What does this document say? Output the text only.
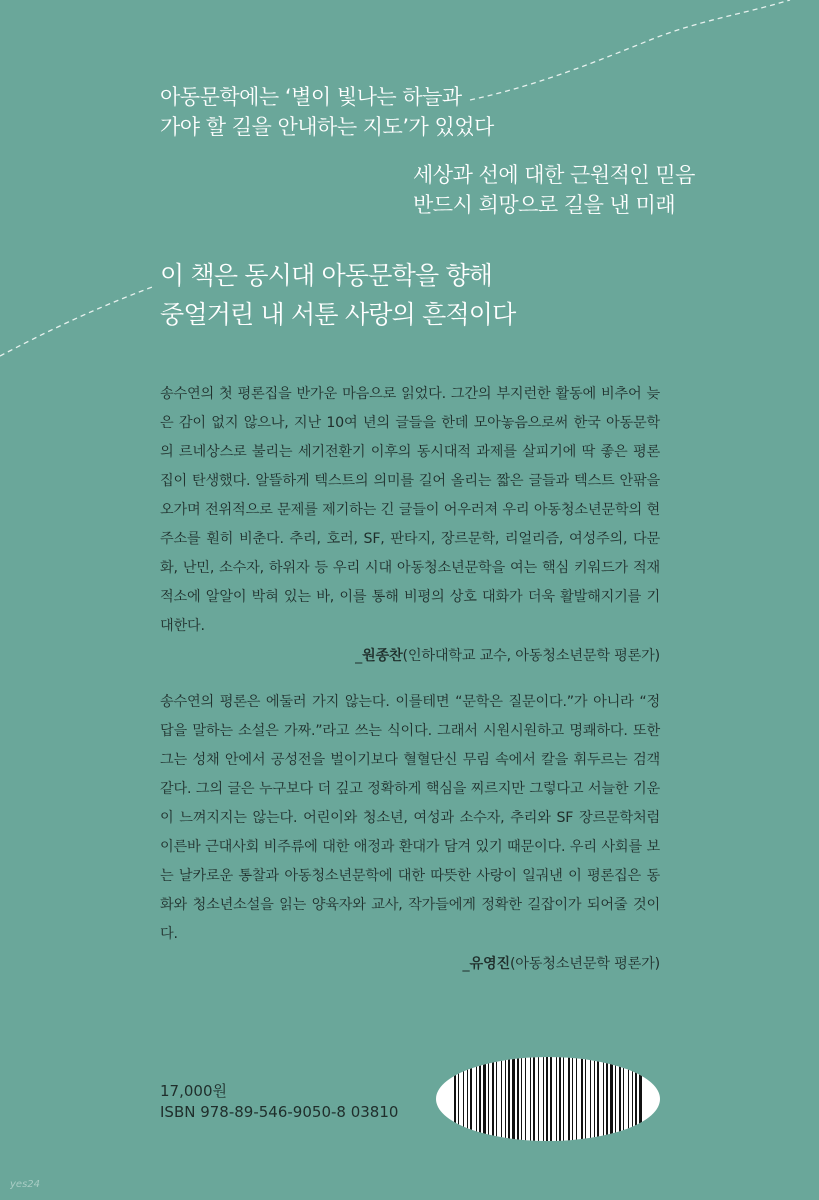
아동문학에는 ‘별이 빛나는 하늘과
가야 할 길을 안내하는 지도’가 있었다
세상과 선에 대한 근원적인 믿음
반드시 희망으로 길을 낸 미래
이 책은 동시대 아동문학을 향해
중얼거린 내 서툰 사랑의 흔적이다

송수연의 첫 평론집을 반가운 마음으로 읽었다. 그간의 부지런한 활동에 비추어 늦은 감이 없지 않으나, 지난 10여 년의 글들을 한데 모아놓음으로써 한국 아동문학의 르네상스로 불리는 세기전환기 이후의 동시대적 과제를 살피기에 딱 좋은 평론집이 탄생했다. 알뜰하게 텍스트의 의미를 길어 올리는 짧은 글들과 텍스트 안팎을 오가며 전위적으로 문제를 제기하는 긴 글들이 어우러져 우리 아동청소년문학의 현주소를 훤히 비춘다. 추리, 호러, SF, 판타지, 장르문학, 리얼리즘, 여성주의, 다문화, 난민, 소수자, 하위자 등 우리 시대 아동청소년문학을 여는 핵심 키워드가 적재적소에 알알이 박혀 있는 바, 이를 통해 비평의 상호 대화가 더욱 활발해지기를 기대한다.

_원종찬(인하대학교 교수, 아동청소년문학 평론가)

송수연의 평론은 에둘러 가지 않는다. 이를테면 “문학은 질문이다.”가 아니라 “정답을 말하는 소설은 가짜.”라고 쓰는 식이다. 그래서 시원시원하고 명쾌하다. 또한 그는 성채 안에서 공성전을 벌이기보다 혈혈단신 무림 속에서 칼을 휘두르는 검객 같다. 그의 글은 누구보다 더 깊고 정확하게 핵심을 찌르지만 그렇다고 서늘한 기운이 느껴지지는 않는다. 어린이와 청소년, 여성과 소수자, 추리와 SF 장르문학처럼 이른바 근대사회 비주류에 대한 애정과 환대가 담겨 있기 때문이다. 우리 사회를 보는 날카로운 통찰과 아동청소년문학에 대한 따뜻한 사랑이 일궈낸 이 평론집은 동화와 청소년소설을 읽는 양육자와 교사, 작가들에게 정확한 길잡이가 되어줄 것이다.

_유영진(아동청소년문학 평론가)
17,000원
ISBN 978-89-546-9050-8 03810
yes24
